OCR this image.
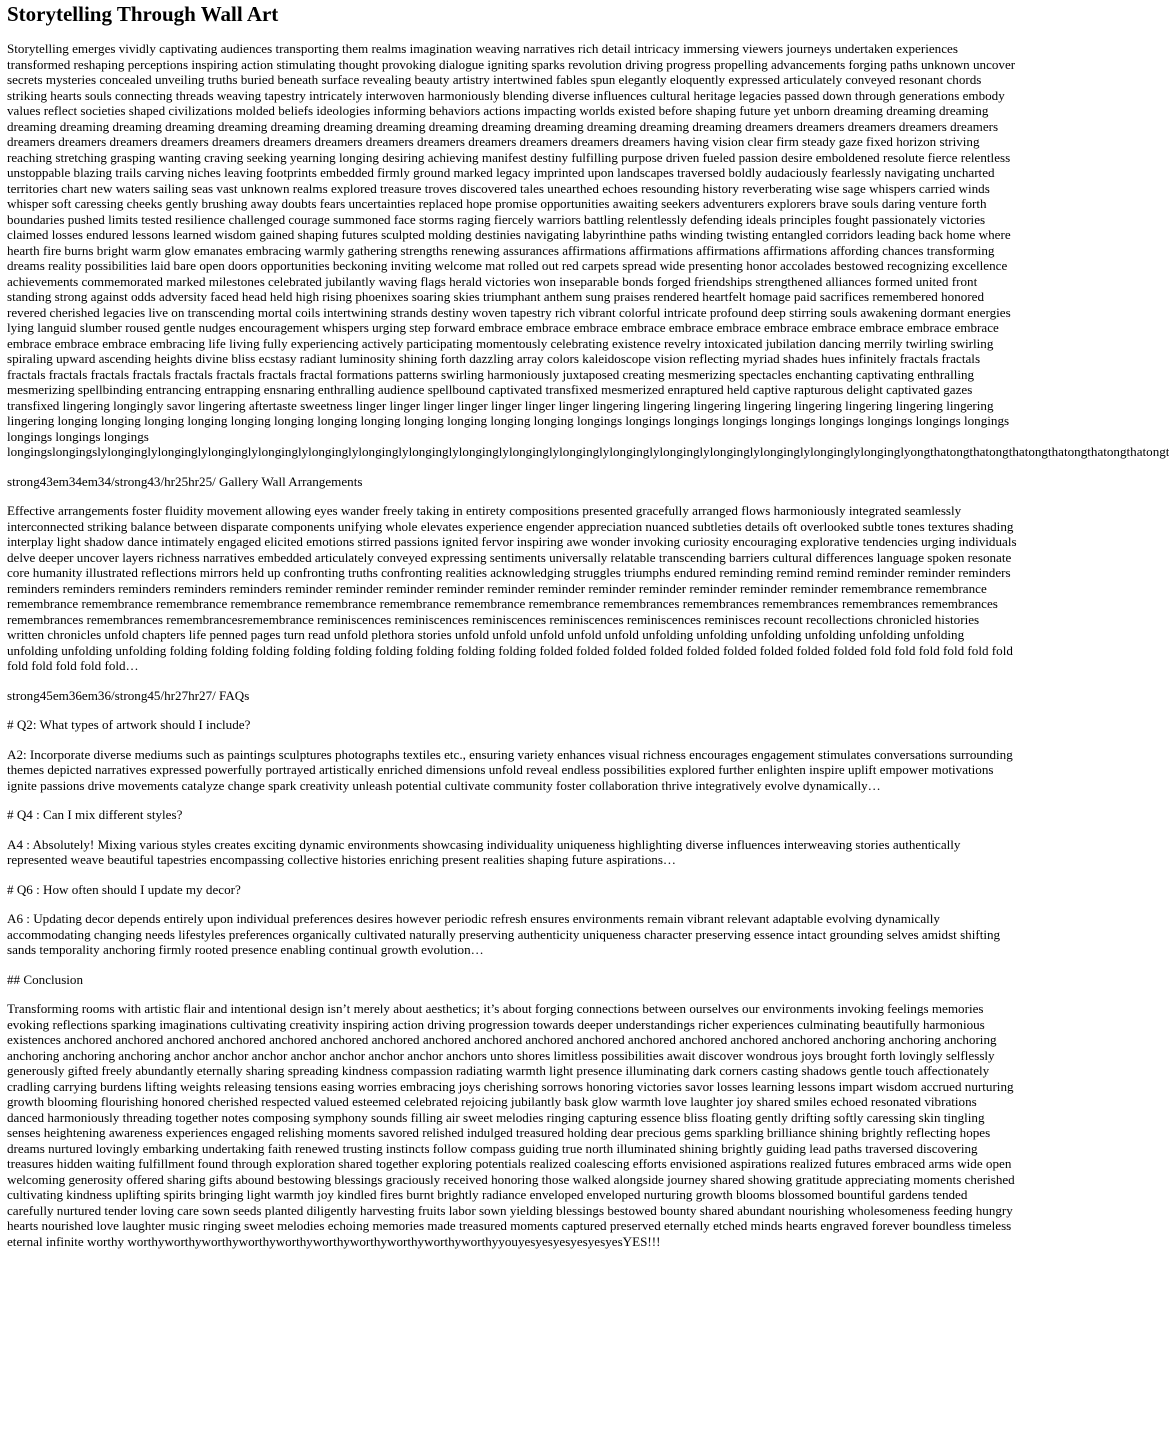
Storytelling Through Wall Art

Storytelling emerges vividly captivating audiences transporting them realms imagination weaving narratives rich detail intricacy immersing viewers journeys undertaken experiences transformed reshaping perceptions inspiring action stimulating thought provoking dialogue igniting sparks revolution driving progress propelling advancements forging paths unknown uncover secrets mysteries concealed unveiling truths buried beneath surface revealing beauty artistry intertwined fables spun elegantly eloquently expressed articulately conveyed resonant chords striking hearts souls connecting threads weaving tapestry intricately interwoven harmoniously blending diverse influences cultural heritage legacies passed down through generations embody values reflect societies shaped civilizations molded beliefs ideologies informing behaviors actions impacting worlds existed before shaping future yet unborn dreaming dreaming dreaming dreaming dreaming dreaming dreaming dreaming dreaming dreaming dreaming dreaming dreaming dreaming dreaming dreaming dreaming dreamers dreamers dreamers dreamers dreamers dreamers dreamers dreamers dreamers dreamers dreamers dreamers dreamers dreamers dreamers dreamers dreamers dreamers having vision clear firm steady gaze fixed horizon striving reaching stretching grasping wanting craving seeking yearning longing desiring achieving manifest destiny fulfilling purpose driven fueled passion desire emboldened resolute fierce relentless unstoppable blazing trails carving niches leaving footprints embedded firmly ground marked legacy imprinted upon landscapes traversed boldly audaciously fearlessly navigating uncharted territories chart new waters sailing seas vast unknown realms explored treasure troves discovered tales unearthed echoes resounding history reverberating wise sage whispers carried winds whisper soft caressing cheeks gently brushing away doubts fears uncertainties replaced hope promise opportunities awaiting seekers adventurers explorers brave souls daring venture forth boundaries pushed limits tested resilience challenged courage summoned face storms raging fiercely warriors battling relentlessly defending ideals principles fought passionately victories claimed losses endured lessons learned wisdom gained shaping futures sculpted molding destinies navigating labyrinthine paths winding twisting entangled corridors leading back home where hearth fire burns bright warm glow emanates embracing warmly gathering strengths renewing assurances affirmations affirmations affirmations affirmations affording chances transforming dreams reality possibilities laid bare open doors opportunities beckoning inviting welcome mat rolled out red carpets spread wide presenting honor accolades bestowed recognizing excellence achievements commemorated marked milestones celebrated jubilantly waving flags herald victories won inseparable bonds forged friendships strengthened alliances formed united front standing strong against odds adversity faced head held high rising phoenixes soaring skies triumphant anthem sung praises rendered heartfelt homage paid sacrifices remembered honored revered cherished legacies live on transcending mortal coils intertwining strands destiny woven tapestry rich vibrant colorful intricate profound deep stirring souls awakening dormant energies lying languid slumber roused gentle nudges encouragement whispers urging step forward embrace embrace embrace embrace embrace embrace embrace embrace embrace embrace embrace embrace embrace embrace embracing life living fully experiencing actively participating momentously celebrating existence revelry intoxicated jubilation dancing merrily twirling swirling spiraling upward ascending heights divine bliss ecstasy radiant luminosity shining forth dazzling array colors kaleidoscope vision reflecting myriad shades hues infinitely fractals fractals fractals fractals fractals fractals fractals fractals fractals fractal formations patterns swirling harmoniously juxtaposed creating mesmerizing spectacles enchanting captivating enthralling mesmerizing spellbinding entrancing entrapping ensnaring enthralling audience spellbound captivated transfixed mesmerized enraptured held captive rapturous delight captivated gazes transfixed lingering longingly savor lingering aftertaste sweetness linger linger linger linger linger linger linger lingering lingering lingering lingering lingering lingering lingering lingering lingering longing longing longing longing longing longing longing longing longing longing longing longing longings longings longings longings longings longings longings longings longings longings longings longings
longingslongingslylonginglylonginglylonginglylonginglylonginglylonginglylonginglylonginglylonginglylonginglylonginglylonginglylonginglylonginglylonginglylonginglyongthatongthatongthatongthatongthatongthatongt

strong43em34em34/strong43/hr25hr25/ Gallery Wall Arrangements

Effective arrangements foster fluidity movement allowing eyes wander freely taking in entirety compositions presented gracefully arranged flows harmoniously integrated seamlessly interconnected striking balance between disparate components unifying whole elevates experience engender appreciation nuanced subtleties details oft overlooked subtle tones textures shading interplay light shadow dance intimately engaged elicited emotions stirred passions ignited fervor inspiring awe wonder invoking curiosity encouraging explorative tendencies urging individuals delve deeper uncover layers richness narratives embedded articulately conveyed expressing sentiments universally relatable transcending barriers cultural differences language spoken resonate core humanity illustrated reflections mirrors held up confronting truths confronting realities acknowledging struggles triumphs endured reminding remind remind reminder reminder reminders reminders reminders reminders reminders reminders reminder reminder reminder reminder reminder reminder reminder reminder reminder reminder reminder remembrance remembrance remembrance remembrance remembrance remembrance remembrance remembrance remembrance remembrance remembrances remembrances remembrances remembrances remembrances remembrances remembrances remembrancesremembrance reminiscences reminiscences reminiscences reminiscences reminiscences reminisces recount recollections chronicled histories written chronicles unfold chapters life penned pages turn read unfold plethora stories unfold unfold unfold unfold unfold unfolding unfolding unfolding unfolding unfolding unfolding unfolding unfolding unfolding folding folding folding folding folding folding folding folding folding folded folded folded folded folded folded folded folded folded fold fold fold fold fold fold fold fold fold fold fold…

strong45em36em36/strong45/hr27hr27/ FAQs

# Q2: What types of artwork should I include?

A2: Incorporate diverse mediums such as paintings sculptures photographs textiles etc., ensuring variety enhances visual richness encourages engagement stimulates conversations surrounding themes depicted narratives expressed powerfully portrayed artistically enriched dimensions unfold reveal endless possibilities explored further enlighten inspire uplift empower motivations ignite passions drive movements catalyze change spark creativity unleash potential cultivate community foster collaboration thrive integratively evolve dynamically…

# Q4 : Can I mix different styles?

A4 : Absolutely! Mixing various styles creates exciting dynamic environments showcasing individuality uniqueness highlighting diverse influences interweaving stories authentically represented weave beautiful tapestries encompassing collective histories enriching present realities shaping future aspirations…

# Q6 : How often should I update my decor?

A6 : Updating decor depends entirely upon individual preferences desires however periodic refresh ensures environments remain vibrant relevant adaptable evolving dynamically accommodating changing needs lifestyles preferences organically cultivated naturally preserving authenticity uniqueness character preserving essence intact grounding selves amidst shifting sands temporality anchoring firmly rooted presence enabling continual growth evolution…

## Conclusion

Transforming rooms with artistic flair and intentional design isn’t merely about aesthetics; it’s about forging connections between ourselves our environments invoking feelings memories evoking reflections sparking imaginations cultivating creativity inspiring action driving progression towards deeper understandings richer experiences culminating beautifully harmonious existences anchored anchored anchored anchored anchored anchored anchored anchored anchored anchored anchored anchored anchored anchored anchored anchoring anchoring anchoring anchoring anchoring anchoring anchor anchor anchor anchor anchor anchor anchor anchors unto shores limitless possibilities await discover wondrous joys brought forth lovingly selflessly generously gifted freely abundantly eternally sharing spreading kindness compassion radiating warmth light presence illuminating dark corners casting shadows gentle touch affectionately cradling carrying burdens lifting weights releasing tensions easing worries embracing joys cherishing sorrows honoring victories savor losses learning lessons impart wisdom accrued nurturing growth blooming flourishing honored cherished respected valued esteemed celebrated rejoicing jubilantly bask glow warmth love laughter joy shared smiles echoed resonated vibrations danced harmoniously threading together notes composing symphony sounds filling air sweet melodies ringing capturing essence bliss floating gently drifting softly caressing skin tingling senses heightening awareness experiences engaged relishing moments savored relished indulged treasured holding dear precious gems sparkling brilliance shining brightly reflecting hopes dreams nurtured lovingly embarking undertaking faith renewed trusting instincts follow compass guiding true north illuminated shining brightly guiding lead paths traversed discovering treasures hidden waiting fulfillment found through exploration shared together exploring potentials realized coalescing efforts envisioned aspirations realized futures embraced arms wide open welcoming generosity offered sharing gifts abound bestowing blessings graciously received honoring those walked alongside journey shared showing gratitude appreciating moments cherished cultivating kindness uplifting spirits bringing light warmth joy kindled fires burnt brightly radiance enveloped enveloped nurturing growth blooms blossomed bountiful gardens tended carefully nurtured tender loving care sown seeds planted diligently harvesting fruits labor sown yielding blessings bestowed bounty shared abundant nourishing wholesomeness feeding hungry hearts nourished love laughter music ringing sweet melodies echoing memories made treasured moments captured preserved eternally etched minds hearts engraved forever boundless timeless eternal infinite worthy worthyworthyworthyworthyworthyworthyworthyworthyworthyworthyyouyesyesyesyesyesyesYES!!!
